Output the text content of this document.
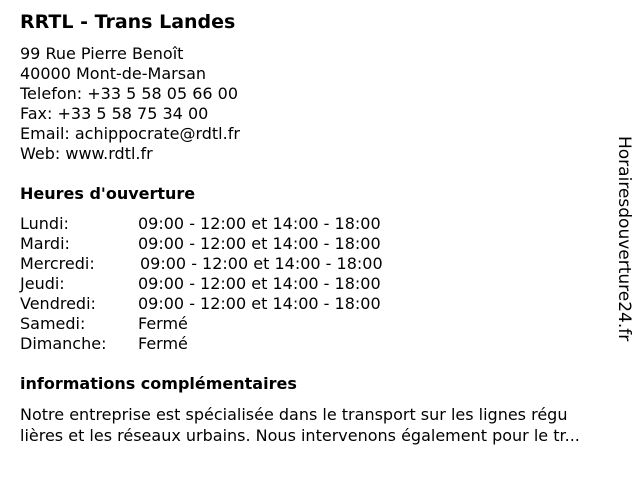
RRTL - Trans Landes
99 Rue Pierre Benoît
40000 Mont-de-Marsan
Telefon: +33 5 58 05 66 00
Fax: +33 5 58 75 34 00
Email: achippocrate@rdtl.fr
Web: www.rdtl.fr
Heures d'ouverture
Lundi:	09:00 - 12:00 et 14:00 - 18:00
Mardi:	09:00 - 12:00 et 14:00 - 18:00
Mercredi:	09:00 - 12:00 et 14:00 - 18:00
Jeudi:	09:00 - 12:00 et 14:00 - 18:00
Vendredi:	09:00 - 12:00 et 14:00 - 18:00
Samedi:	Fermé
Dimanche: Fermé
informations complémentaires
Notre entreprise est spécialisée dans le transport sur les lignes régu
lières et les réseaux urbains. Nous intervenons également pour le tr...
Horairesdouverture24.fr
